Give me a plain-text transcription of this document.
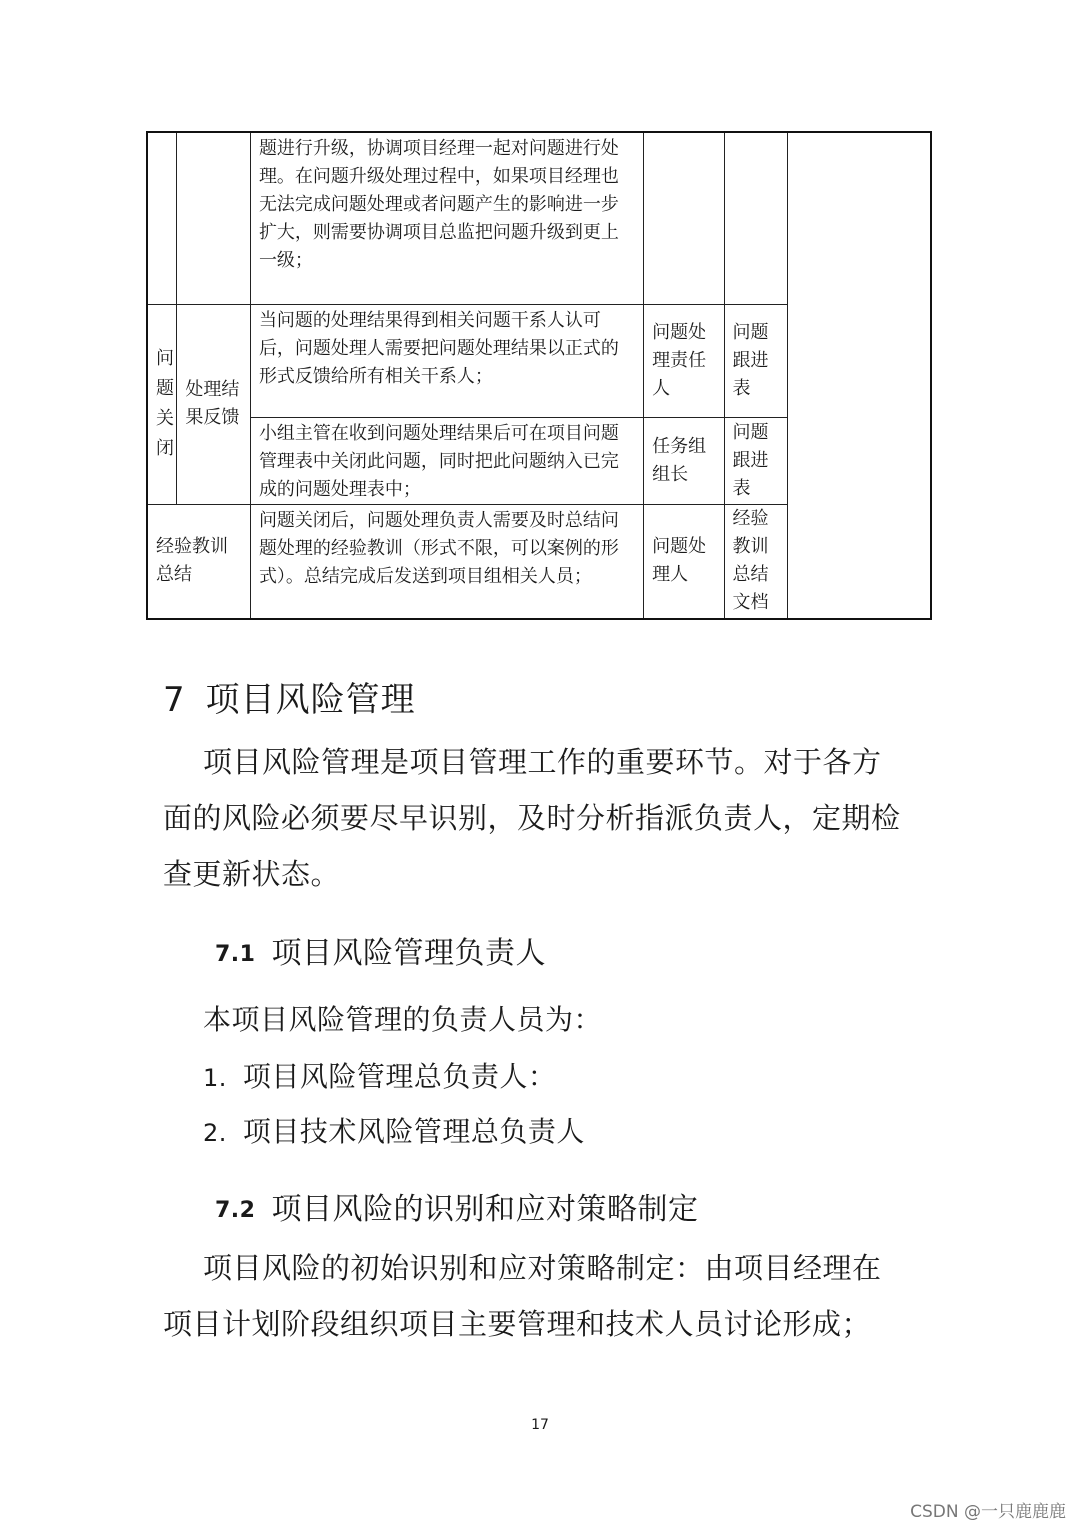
		题进行升级，协调项目经理一起对问题进行处理。在问题升级处理过程中，如果项目经理也无法完成问题处理或者问题产生的影响进一步扩大，则需要协调项目总监把问题升级到更上一级；			

问题关闭	处理结果反馈	当问题的处理结果得到相关问题干系人认可后，问题处理人需要把问题处理结果以正式的形式反馈给所有相关干系人；	问题处理责任人	问题跟进表	
		小组主管在收到问题处理结果后可在项目问题管理表中关闭此问题，同时把此问题纳入已完成的问题处理表中；	任务组组长	问题跟进表	
经验教训总结		问题关闭后，问题处理负责人需要及时总结问题处理的经验教训（形式不限，可以案例的形式）。总结完成后发送到项目组相关人员；	问题处理人	经验教训总结文档	
7 项目风险管理
项目风险管理是项目管理工作的重要环节。对于各方面的风险必须要尽早识别，及时分析指派负责人，定期检查更新状态。
7.1 项目风险管理负责人
本项目风险管理的负责人员为：
1. 项目风险管理总负责人：
2. 项目技术风险管理总负责人
7.2 项目风险的识别和应对策略制定
项目风险的初始识别和应对策略制定：由项目经理在项目计划阶段组织项目主要管理和技术人员讨论形成；
17
CSDN @一只鹿鹿鹿
